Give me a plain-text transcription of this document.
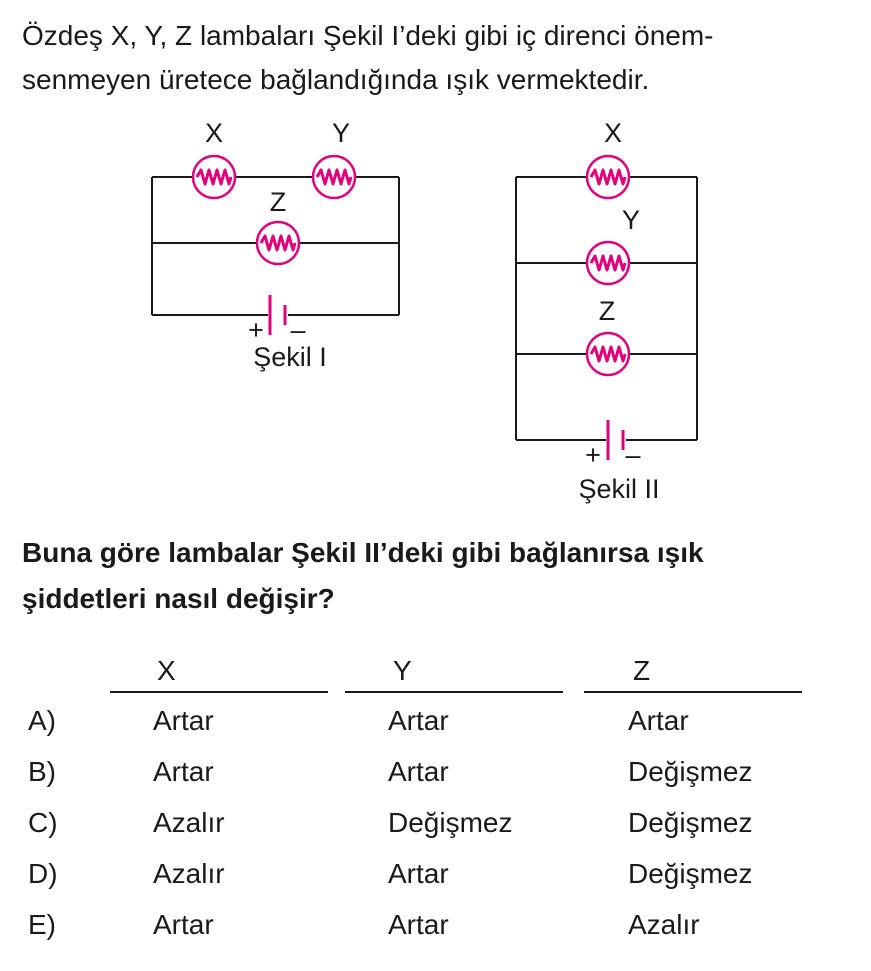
Özdeş X, Y, Z lambaları Şekil I’deki gibi iç direnci önem-

senmeyen üretece bağlandığında ışık vermektedir.

X	Y
Z
+ –
Şekil I
X
Y
Z
+ –
Şekil II

Buna göre lambalar Şekil II’deki gibi bağlanırsa ışık

şiddetleri nasıl değişir?

X	Y	Z
A)	Artar	Artar	Artar
B)	Artar	Artar	Değişmez
C)	Azalır	Değişmez	Değişmez
D)	Azalır	Artar	Değişmez
E)	Artar	Artar	Azalır
